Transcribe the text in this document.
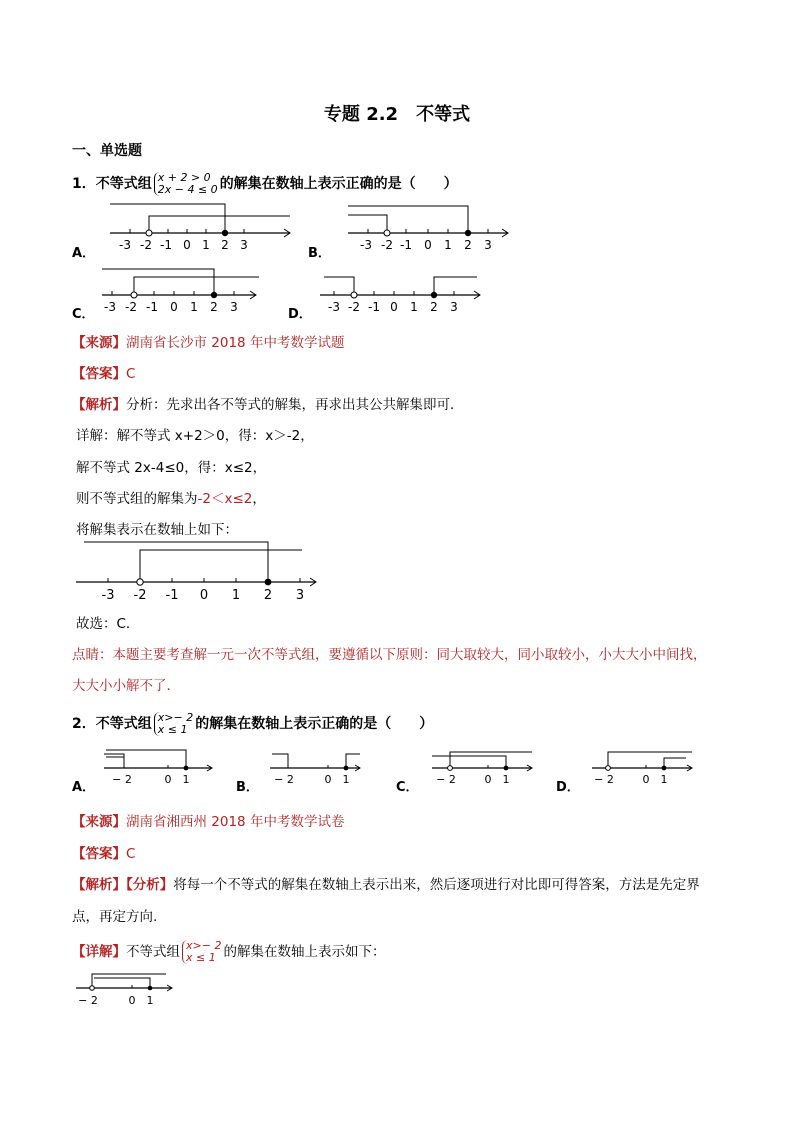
专题 2.2　不等式
一、单选题
1．不等式组 x + 2 > 0
2x − 4 ≤ 0 的解集在数轴上表示正确的是（　　）
A．	B．
C．	D．
-3 -2 -1 0 1 2 3	-3 -2 -1 0 1 2 3
-3 -2 -1 0 1 2 3	-3 -2 -1 0 1 2 3
【来源】湖南省长沙市 2018 年中考数学试题
【答案】C
【解析】分析：先求出各不等式的解集，再求出其公共解集即可．
详解：解不等式 x+2＞0，得：x＞-2，
解不等式 2x-4≤0，得：x≤2，
则不等式组的解集为-2＜x≤2，
将解集表示在数轴上如下：
-3 -2 -1 0 1 2 3
故选：C．
点睛：本题主要考查解一元一次不等式组，要遵循以下原则：同大取较大，同小取较小，小大大小中间找，
大大小小解不了．
2．不等式组 x>− 2
x ≤ 1 的解集在数轴上表示正确的是（　　）
A．	B．	C．	D．
− 2	0 1	− 2	0 1	− 2	0 1	− 2	0 1
【来源】湖南省湘西州 2018 年中考数学试卷
【答案】C
【解析】【分析】将每一个不等式的解集在数轴上表示出来，然后逐项进行对比即可得答案，方法是先定界
点，再定方向.
【详解】不等式组 x>− 2
x ≤ 1 的解集在数轴上表示如下：
− 2	0 1
